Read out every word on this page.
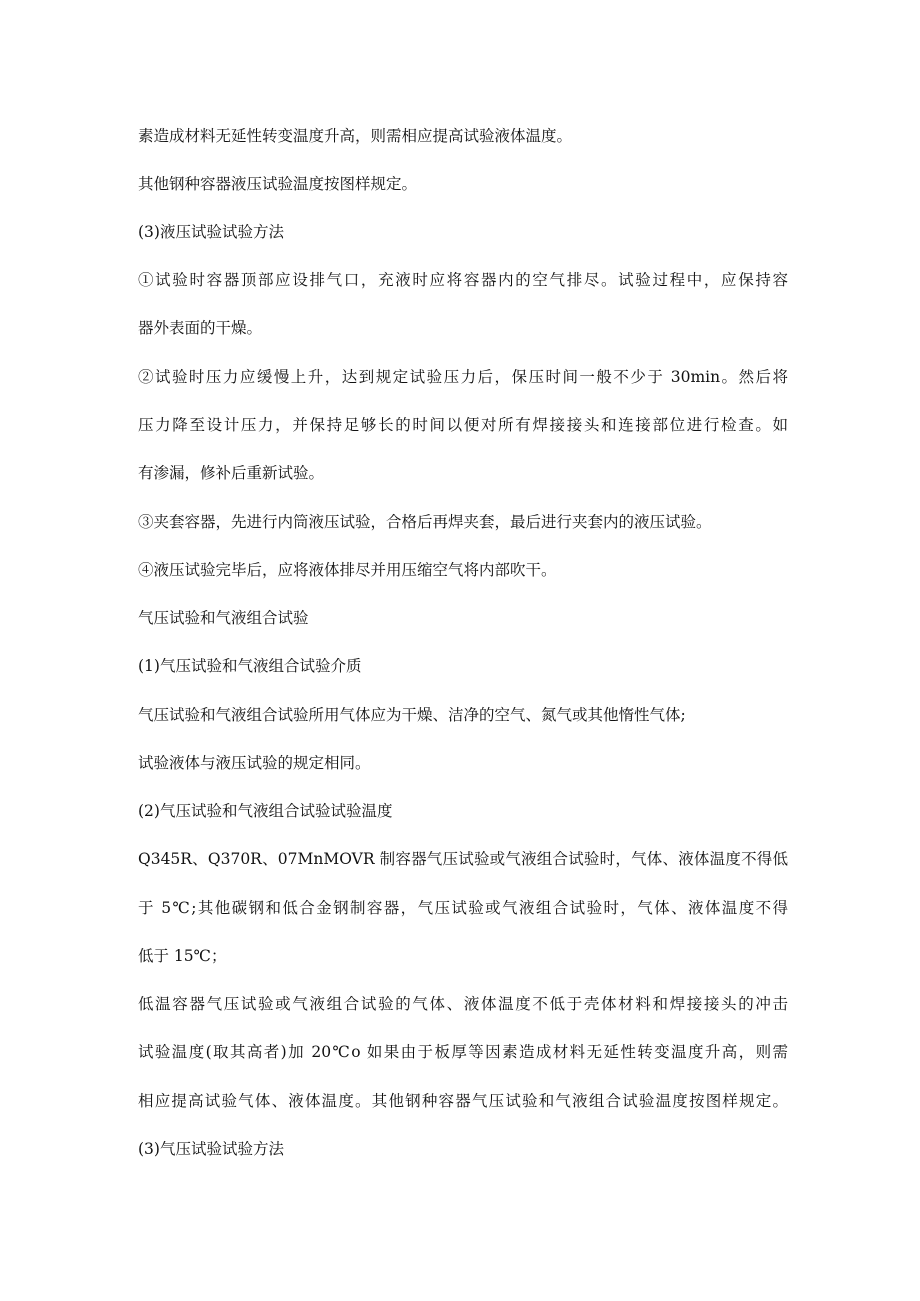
素造成材料无延性转变温度升高，则需相应提高试验液体温度。
其他钢种容器液压试验温度按图样规定。
(3)液压试验试验方法
①试验时容器顶部应设排气口，充液时应将容器内的空气排尽。试验过程中，应保持容
器外表面的干燥。
②试验时压力应缓慢上升，达到规定试验压力后，保压时间一般不少于 30min。然后将
压力降至设计压力，并保持足够长的时间以便对所有焊接接头和连接部位进行检查。如
有渗漏，修补后重新试验。
③夹套容器，先进行内筒液压试验，合格后再焊夹套，最后进行夹套内的液压试验。
④液压试验完毕后，应将液体排尽并用压缩空气将内部吹干。
气压试验和气液组合试验
(1)气压试验和气液组合试验介质
气压试验和气液组合试验所用气体应为干燥、洁净的空气、氮气或其他惰性气体;
试验液体与液压试验的规定相同。
(2)气压试验和气液组合试验试验温度
Q345R、Q370R、07MnMOVR 制容器气压试验或气液组合试验时，气体、液体温度不得低
于 5℃;其他碳钢和低合金钢制容器，气压试验或气液组合试验时，气体、液体温度不得
低于 15℃；
低温容器气压试验或气液组合试验的气体、液体温度不低于壳体材料和焊接接头的冲击
试验温度(取其高者)加 20℃o 如果由于板厚等因素造成材料无延性转变温度升高，则需
相应提高试验气体、液体温度。其他钢种容器气压试验和气液组合试验温度按图样规定。
(3)气压试验试验方法
